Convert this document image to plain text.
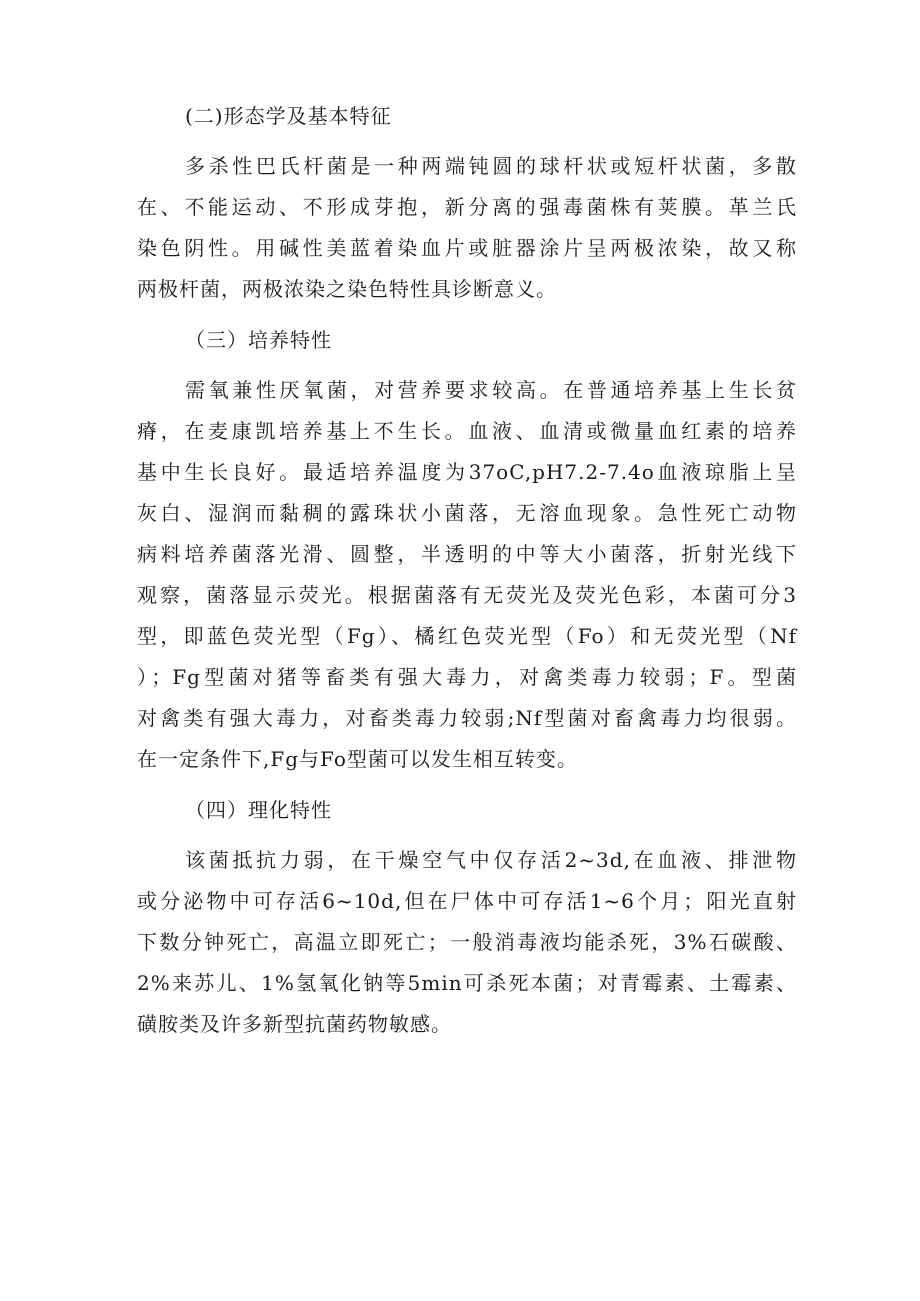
(二)形态学及基本特征
多杀性巴氏杆菌是一种两端钝圆的球杆状或短杆状菌，多散
在、不能运动、不形成芽抱，新分离的强毒菌株有荚膜。革兰氏
染色阴性。用碱性美蓝着染血片或脏器涂片呈两极浓染，故又称
两极杆菌，两极浓染之染色特性具诊断意义。
（三）培养特性
需氧兼性厌氧菌，对营养要求较高。在普通培养基上生长贫
瘠，在麦康凯培养基上不生长。血液、血清或微量血红素的培养
基中生长良好。最适培养温度为37oC,pH7.2-7.4o血液琼脂上呈
灰白、湿润而黏稠的露珠状小菌落，无溶血现象。急性死亡动物
病料培养菌落光滑、圆整，半透明的中等大小菌落，折射光线下
观察，菌落显示荧光。根据菌落有无荧光及荧光色彩，本菌可分3
型，即蓝色荧光型（Fg）、橘红色荧光型（Fo）和无荧光型（Nf
）；Fg型菌对猪等畜类有强大毒力，对禽类毒力较弱；F。型菌
对禽类有强大毒力，对畜类毒力较弱;Nf型菌对畜禽毒力均很弱。
在一定条件下,Fg与Fo型菌可以发生相互转变。
（四）理化特性
该菌抵抗力弱，在干燥空气中仅存活2~3d,在血液、排泄物
或分泌物中可存活6~10d,但在尸体中可存活1~6个月；阳光直射
下数分钟死亡，高温立即死亡；一般消毒液均能杀死，3%石碳酸、
2%来苏儿、1%氢氧化钠等5min可杀死本菌；对青霉素、土霉素、
磺胺类及许多新型抗菌药物敏感。
